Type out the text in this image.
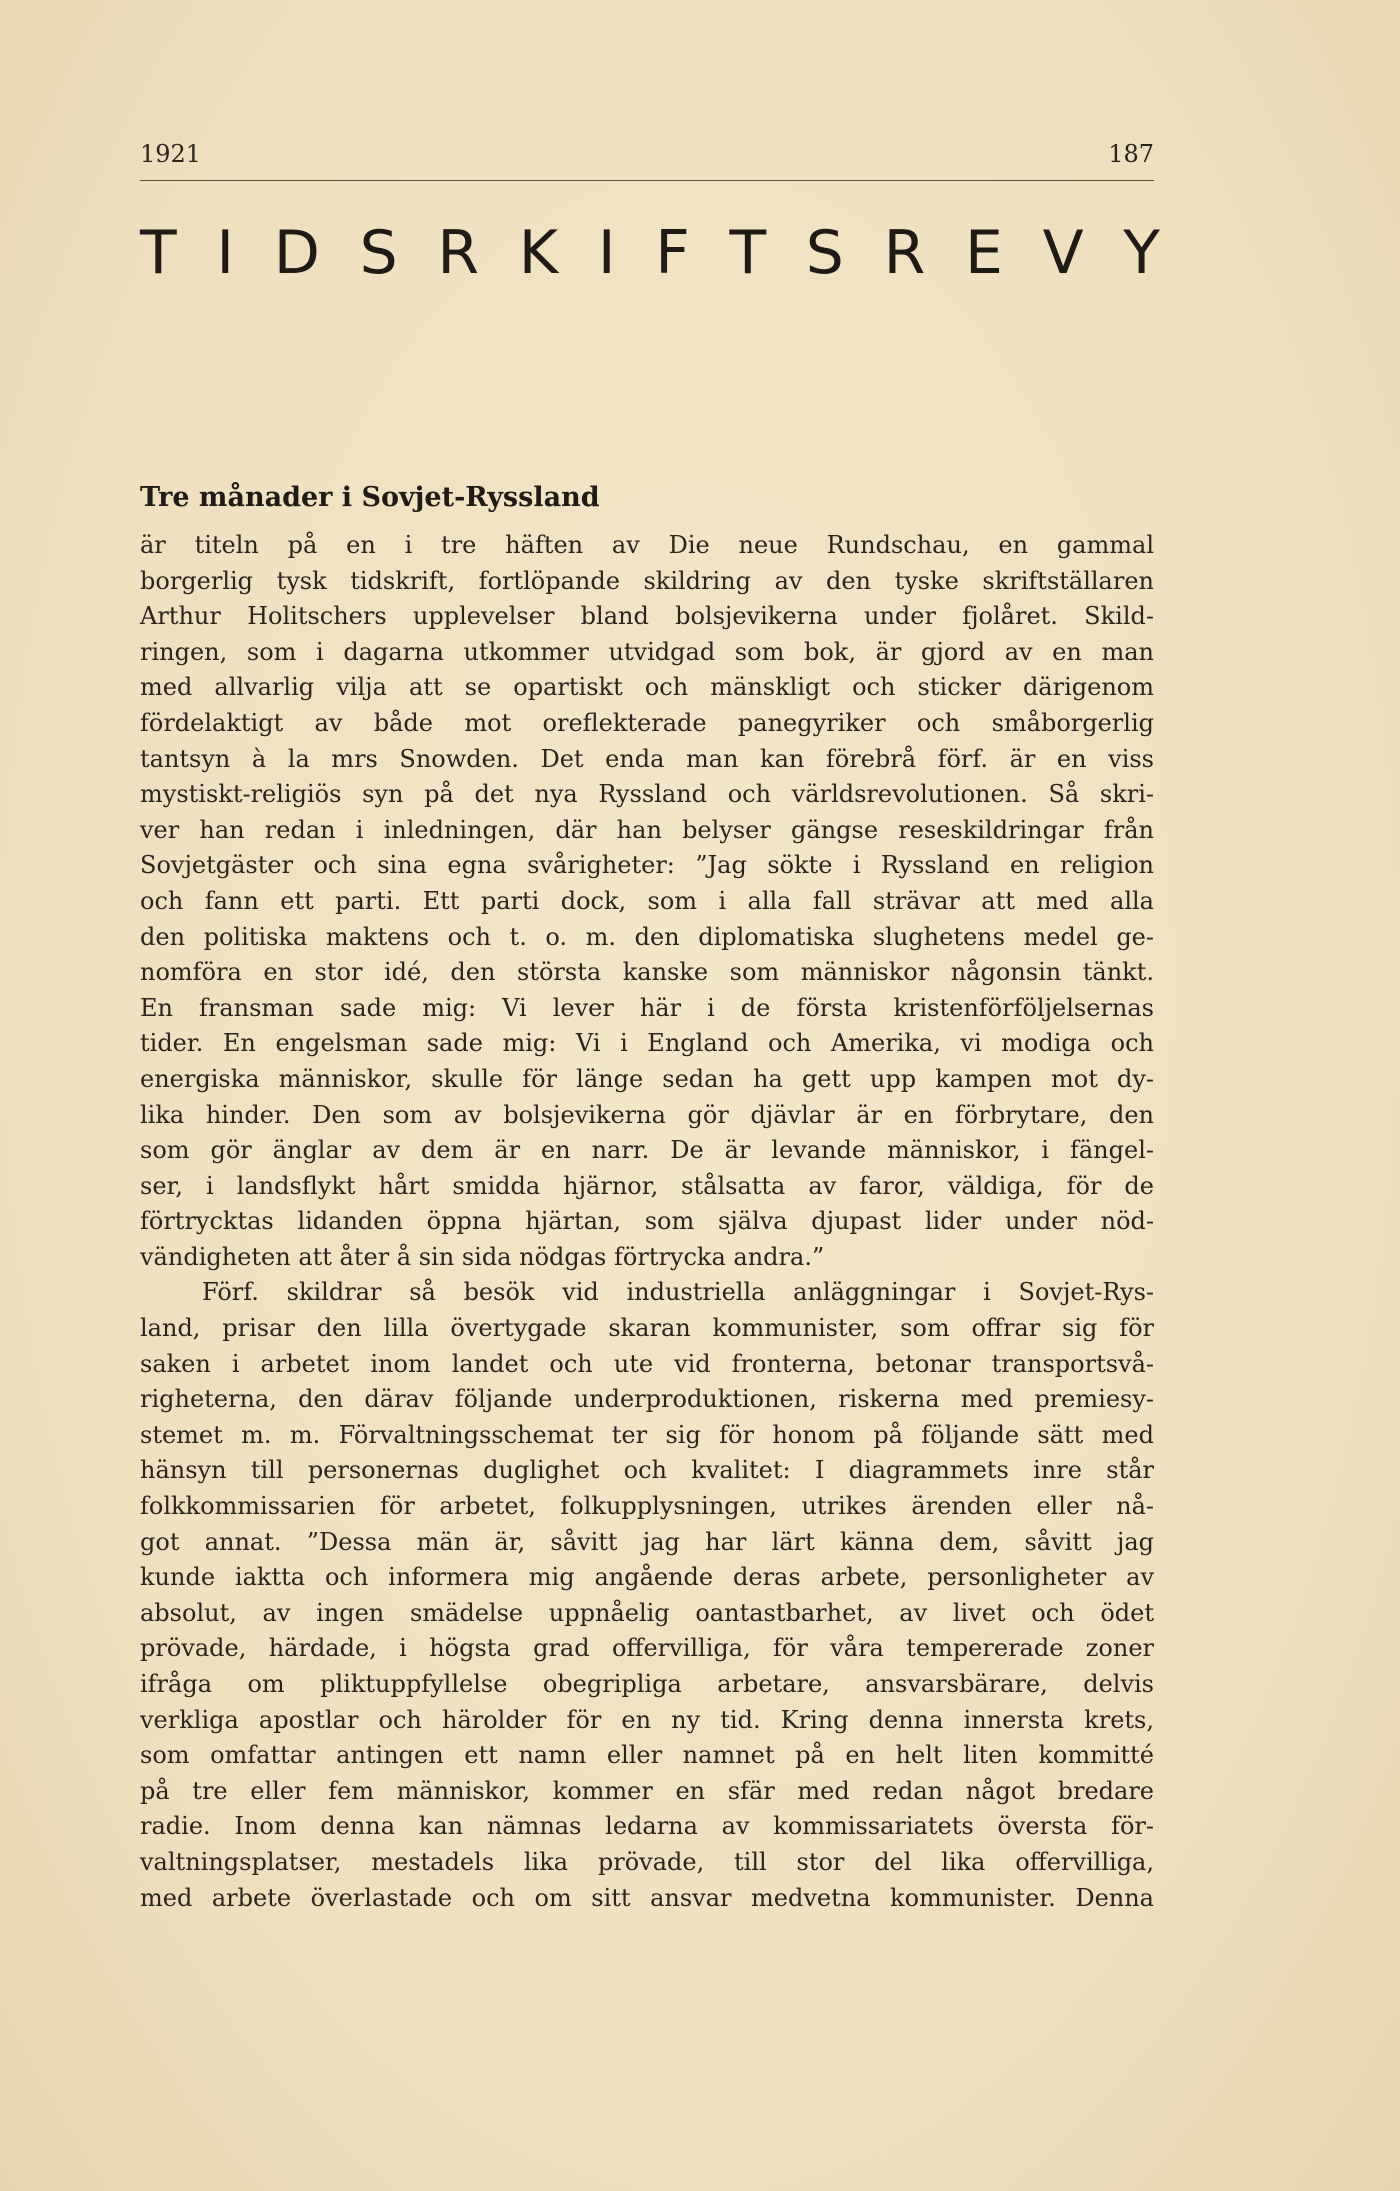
1921	187
T I D S R K I F T S R E V Y
Tre månader i Sovjet-Ryssland

är titeln på en i tre häften av Die neue Rundschau, en gammal

borgerlig tysk tidskrift, fortlöpande skildring av den tyske skriftställaren

Arthur Holitschers upplevelser bland bolsjevikerna under fjolåret. Skild-

ringen, som i dagarna utkommer utvidgad som bok, är gjord av en man

med allvarlig vilja att se opartiskt och mänskligt och sticker därigenom

fördelaktigt av både mot oreflekterade panegyriker och småborgerlig

tantsyn à la mrs Snowden. Det enda man kan förebrå förf. är en viss

mystiskt-religiös syn på det nya Ryssland och världsrevolutionen. Så skri-

ver han redan i inledningen, där han belyser gängse reseskildringar från

Sovjetgäster och sina egna svårigheter: ”Jag sökte i Ryssland en religion

och fann ett parti. Ett parti dock, som i alla fall strävar att med alla

den politiska maktens och t. o. m. den diplomatiska slughetens medel ge-

nomföra en stor idé, den största kanske som människor någonsin tänkt.

En fransman sade mig: Vi lever här i de första kristenförföljelsernas

tider. En engelsman sade mig: Vi i England och Amerika, vi modiga och

energiska människor, skulle för länge sedan ha gett upp kampen mot dy-

lika hinder. Den som av bolsjevikerna gör djävlar är en förbrytare, den

som gör änglar av dem är en narr. De är levande människor, i fängel-

ser, i landsflykt hårt smidda hjärnor, stålsatta av faror, väldiga, för de

förtrycktas lidanden öppna hjärtan, som själva djupast lider under nöd-

vändigheten att åter å sin sida nödgas förtrycka andra.”

Förf. skildrar så besök vid industriella anläggningar i Sovjet-Rys-

land, prisar den lilla övertygade skaran kommunister, som offrar sig för

saken i arbetet inom landet och ute vid fronterna, betonar transportsvå-

righeterna, den därav följande underproduktionen, riskerna med premiesy-

stemet m. m. Förvaltningsschemat ter sig för honom på följande sätt med

hänsyn till personernas duglighet och kvalitet: I diagrammets inre står

folkkommissarien för arbetet, folkupplysningen, utrikes ärenden eller nå-

got annat. ”Dessa män är, såvitt jag har lärt känna dem, såvitt jag

kunde iaktta och informera mig angående deras arbete, personligheter av

absolut, av ingen smädelse uppnåelig oantastbarhet, av livet och ödet

prövade, härdade, i högsta grad offervilliga, för våra tempererade zoner

ifråga om pliktuppfyllelse obegripliga arbetare, ansvarsbärare, delvis

verkliga apostlar och härolder för en ny tid. Kring denna innersta krets,

som omfattar antingen ett namn eller namnet på en helt liten kommitté

på tre eller fem människor, kommer en sfär med redan något bredare

radie. Inom denna kan nämnas ledarna av kommissariatets översta för-

valtningsplatser, mestadels lika prövade, till stor del lika offervilliga,

med arbete överlastade och om sitt ansvar medvetna kommunister. Denna
